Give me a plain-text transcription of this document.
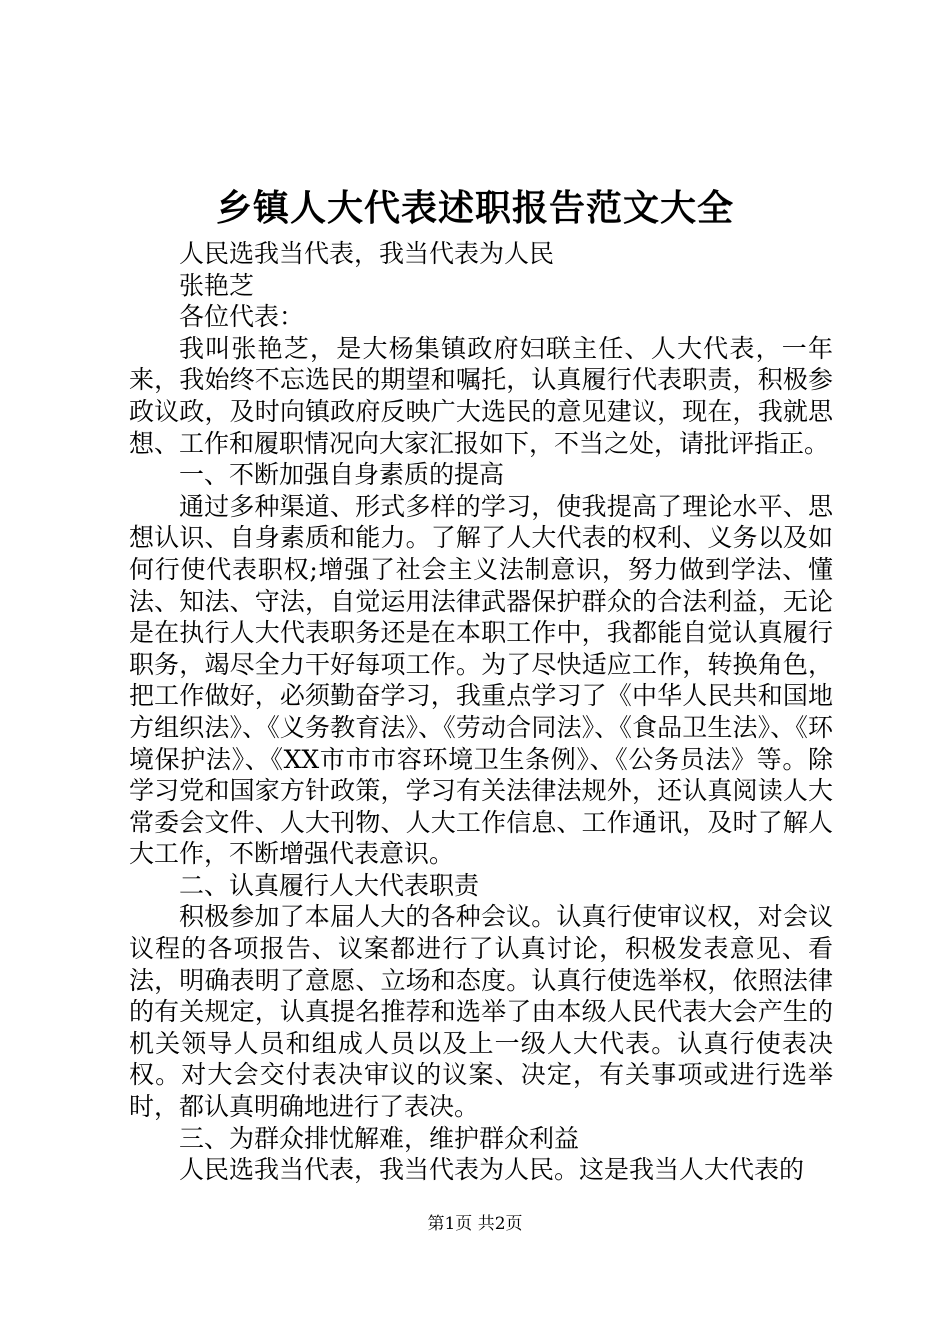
乡镇人大代表述职报告范文大全

人民选我当代表，我当代表为人民

张艳芝

各位代表：

我叫张艳芝，是大杨集镇政府妇联主任、人大代表，一年来，我始终不忘选民的期望和嘱托，认真履行代表职责，积极参政议政，及时向镇政府反映广大选民的意见建议，现在，我就思想、工作和履职情况向大家汇报如下，不当之处，请批评指正。

一、不断加强自身素质的提高

通过多种渠道、形式多样的学习，使我提高了理论水平、思想认识、自身素质和能力。了解了人大代表的权利、义务以及如何行使代表职权;增强了社会主义法制意识，努力做到学法、懂法、知法、守法，自觉运用法律武器保护群众的合法利益，无论是在执行人大代表职务还是在本职工作中，我都能自觉认真履行职务，竭尽全力干好每项工作。为了尽快适应工作，转换角色，把工作做好，必须勤奋学习，我重点学习了《中华人民共和国地方组织法》、《义务教育法》、《劳动合同法》、《食品卫生法》、《环境保护法》、《XX市市市容环境卫生条例》、《公务员法》等。除学习党和国家方针政策，学习有关法律法规外，还认真阅读人大常委会文件、人大刊物、人大工作信息、工作通讯，及时了解人大工作，不断增强代表意识。

二、认真履行人大代表职责

积极参加了本届人大的各种会议。认真行使审议权，对会议议程的各项报告、议案都进行了认真讨论，积极发表意见、看法，明确表明了意愿、立场和态度。认真行使选举权，依照法律的有关规定，认真提名推荐和选举了由本级人民代表大会产生的机关领导人员和组成人员以及上一级人大代表。认真行使表决权。对大会交付表决审议的议案、决定，有关事项或进行选举时，都认真明确地进行了表决。

三、为群众排忧解难，维护群众利益

人民选我当代表，我当代表为人民。这是我当人大代表的

第1页 共2页
